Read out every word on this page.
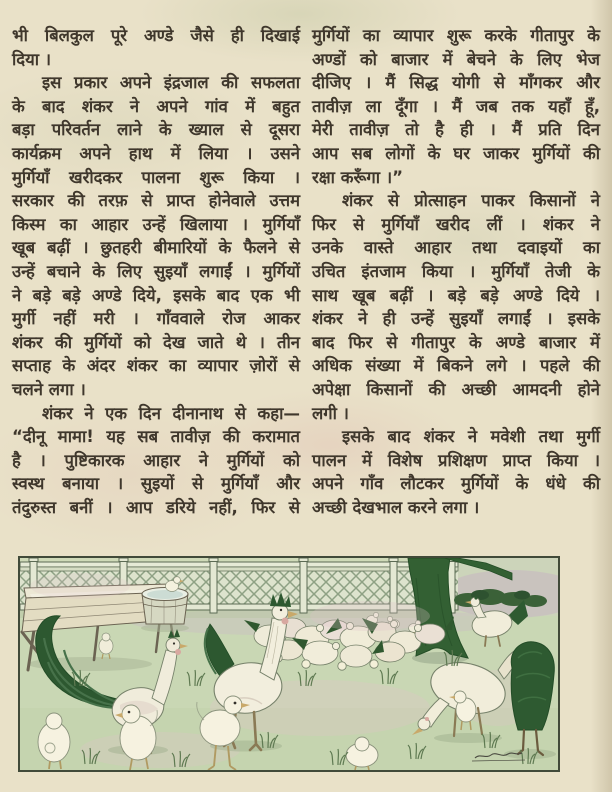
भी बिलकुल पूरे अण्डे जैसे ही दिखाई
दिया ।
इस प्रकार अपने इंद्रजाल की सफलता
के बाद शंकर ने अपने गांव में बहुत
बड़ा परिवर्तन लाने के ख्याल से दूसरा
कार्यक्रम अपने हाथ में लिया । उसने
मुर्गियाँ खरीदकर पालना शुरू किया ।
सरकार की तरफ़ से प्राप्त होनेवाले उत्तम
किस्म का आहार उन्हें खिलाया । मुर्गियाँ
खूब बढ़ीं । छुतहरी बीमारियों के फैलने से
उन्हें बचाने के लिए सुइयाँ लगाईं । मुर्गियों
ने बड़े बड़े अण्डे दिये, इसके बाद एक भी
मुर्गी नहीं मरी । गाँववाले रोज आकर
शंकर की मुर्गियों को देख जाते थे । तीन
सप्ताह के अंदर शंकर का व्यापार ज़ोरों से
चलने लगा ।
शंकर ने एक दिन दीनानाथ से कहा—
“दीनू मामा! यह सब तावीज़ की करामात
है । पुष्टिकारक आहार ने मुर्गियों को
स्वस्थ बनाया । सुइयों से मुर्गियाँ और
तंदुरुस्त बनीं । आप डरिये नहीं, फिर से
मुर्गियों का व्यापार शुरू करके गीतापुर के
अण्डों को बाजार में बेचने के लिए भेज
दीजिए । मैं सिद्ध योगी से माँगकर और
तावीज़ ला दूँगा । मैं जब तक यहाँ हूँ,
मेरी तावीज़ तो है ही । मैं प्रति दिन
आप सब लोगों के घर जाकर मुर्गियों की
रक्षा करूँगा ।”
शंकर से प्रोत्साहन पाकर किसानों ने
फिर से मुर्गियाँ खरीद लीं । शंकर ने
उनके वास्ते आहार तथा दवाइयों का
उचित इंतजाम किया । मुर्गियाँ तेजी के
साथ खूब बढ़ीं । बड़े बड़े अण्डे दिये ।
शंकर ने ही उन्हें सुइयाँ लगाईं । इसके
बाद फिर से गीतापुर के अण्डे बाजार में
अधिक संख्या में बिकने लगे । पहले की
अपेक्षा किसानों की अच्छी आमदनी होने
लगी ।
इसके बाद शंकर ने मवेशी तथा मुर्गी
पालन में विशेष प्रशिक्षण प्राप्त किया ।
अपने गाँव लौटकर मुर्गियों के धंधे की
अच्छी देखभाल करने लगा ।
